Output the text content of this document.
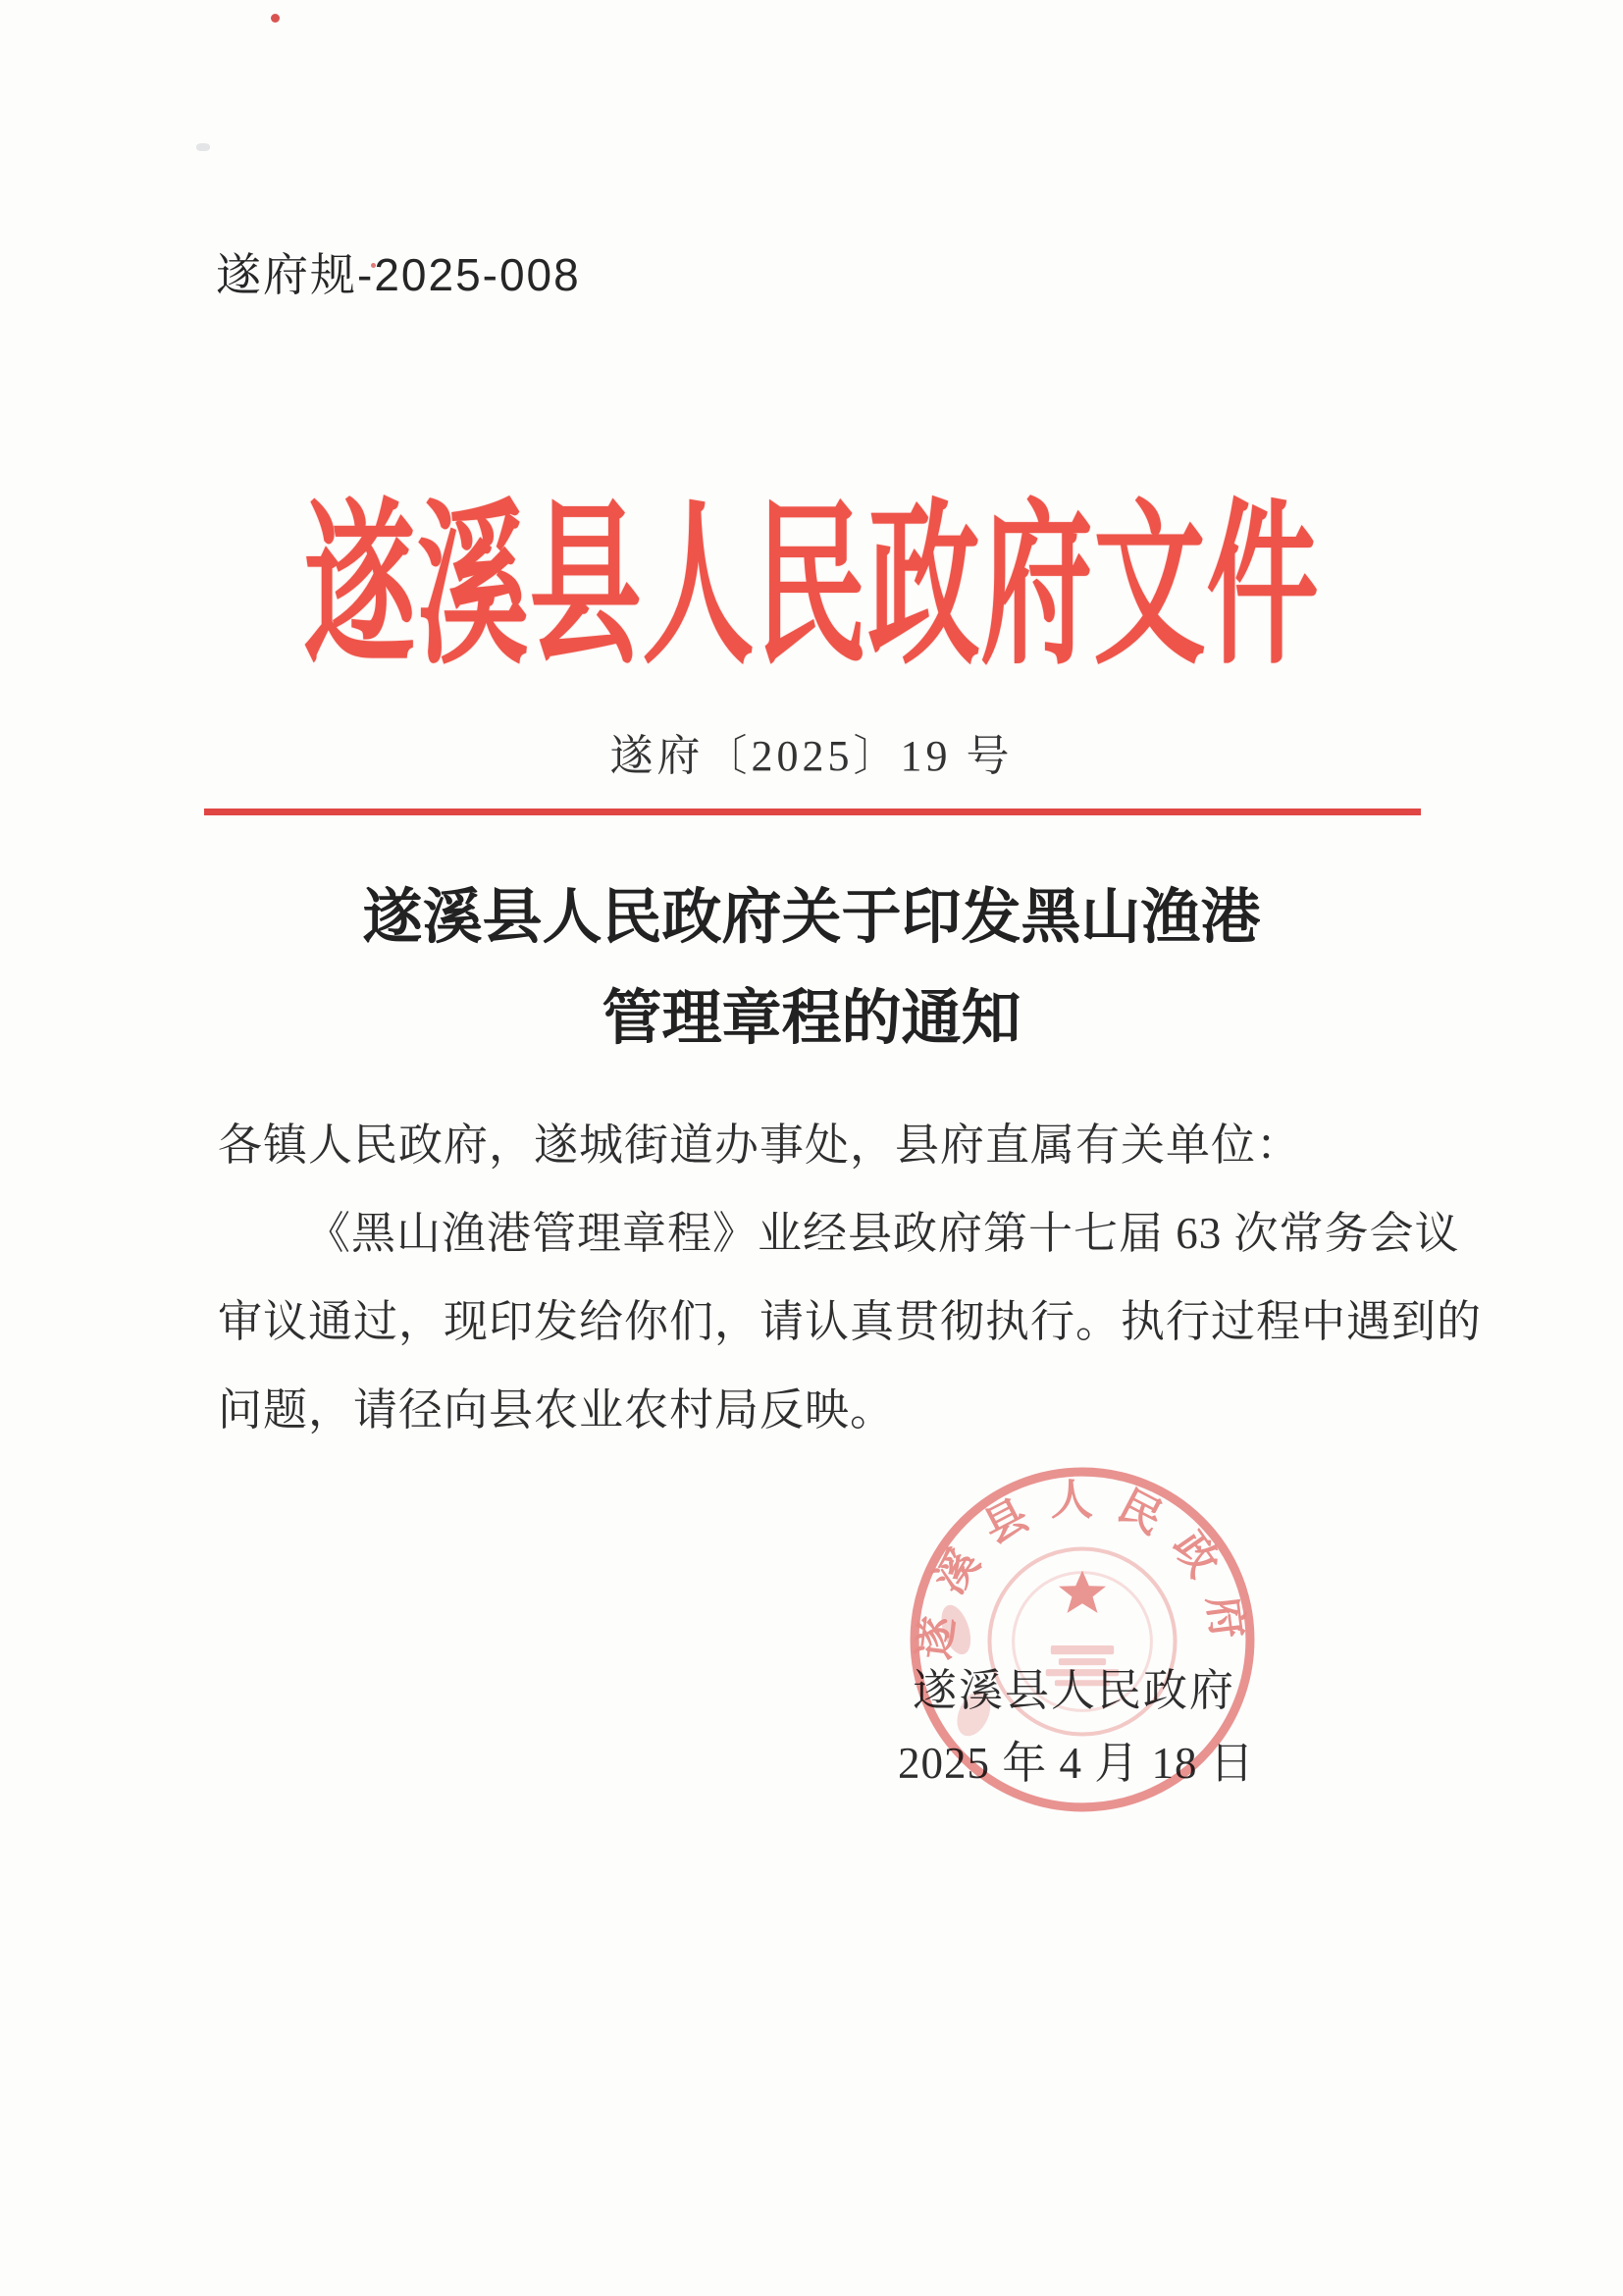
遂府规-2025-008
遂溪县人民政府文件
遂府〔2025〕19 号
遂溪县人民政府关于印发黑山渔港
管理章程的通知
各镇人民政府，遂城街道办事处，县府直属有关单位：
《黑山渔港管理章程》业经县政府第十七届 63 次常务会议
审议通过，现印发给你们，请认真贯彻执行。执行过程中遇到的
问题，请径向县农业农村局反映。
遂溪县人民政府
2025 年 4 月 18 日
遂溪县人民政府
